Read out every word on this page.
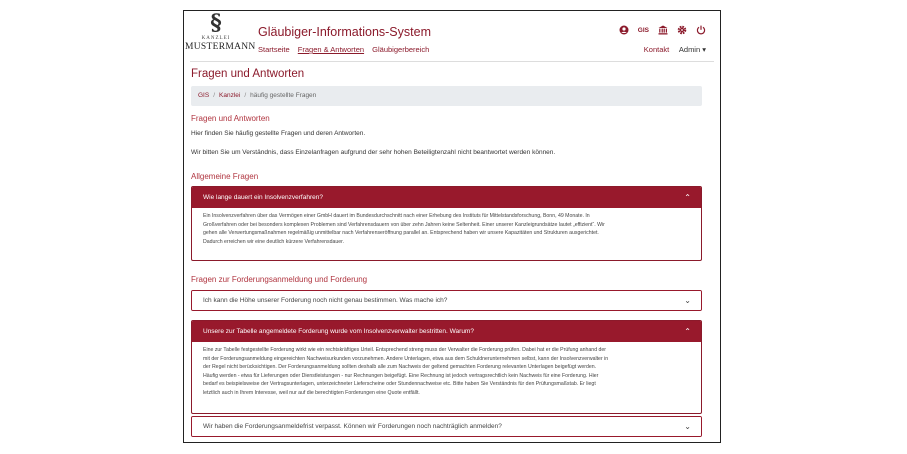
§
KANZLEI
MUSTERMANN
Gläubiger-Informations-System
Startseite Fragen & Antworten Gläubigerbereich
GIS
Kontakt Admin ▾
Fragen und Antworten
GIS / Kanzlei / häufig gestellte Fragen
Fragen und Antworten
Hier finden Sie häufig gestellte Fragen und deren Antworten.
Wir bitten Sie um Verständnis, dass Einzelanfragen aufgrund der sehr hohen Beteiligtenzahl nicht beantwortet werden können.
Allgemeine Fragen
Wie lange dauert ein Insolvenzverfahren?	⌃

Ein Insolvenzverfahren über das Vermögen einer GmbH dauert im Bundesdurchschnitt nach einer Erhebung des Instituts für Mittelstandsforschung, Bonn, 49 Monate. In

Großverfahren oder bei besonders komplexen Problemen sind Verfahrensdauern von über zehn Jahren keine Seltenheit. Einer unserer Kanzleigrundsätze lautet „effizient“. Wir

gehen alle Verwertungsmaßnahmen regelmäßig unmittelbar nach Verfahrenseröffnung parallel an. Entsprechend haben wir unsere Kapazitäten und Strukturen ausgerichtet.

Dadurch erreichen wir eine deutlich kürzere Verfahrensdauer.

Fragen zur Forderungsanmeldung und Forderung
Ich kann die Höhe unserer Forderung noch nicht genau bestimmen. Was mache ich?	⌄
Unsere zur Tabelle angemeldete Forderung wurde vom Insolvenzverwalter bestritten. Warum?	⌃

Eine zur Tabelle festgestellte Forderung wirkt wie ein rechtskräftiges Urteil. Entsprechend streng muss der Verwalter die Forderung prüfen. Dabei hat er die Prüfung anhand der

mit der Forderungsanmeldung eingereichten Nachweisurkunden vorzunehmen. Andere Unterlagen, etwa aus dem Schuldnerunternehmen selbst, kann der Insolvenzverwalter in

der Regel nicht berücksichtigen. Der Forderungsanmeldung sollten deshalb alle zum Nachweis der geltend gemachten Forderung relevanten Unterlagen beigefügt werden.

Häufig werden - etwa für Lieferungen oder Dienstleistungen - nur Rechnungen beigefügt. Eine Rechnung ist jedoch vertragsrechtlich kein Nachweis für eine Forderung. Hier

bedarf es beispielsweise der Vertragsunterlagen, unterzeichneter Lieferscheine oder Stundennachweise etc. Bitte haben Sie Verständnis für den Prüfungsmaßstab. Er liegt

letztlich auch in Ihrem Interesse, weil nur auf die berechtigten Forderungen eine Quote entfällt.

Wir haben die Forderungsanmeldefrist verpasst. Können wir Forderungen noch nachträglich anmelden?	⌄
